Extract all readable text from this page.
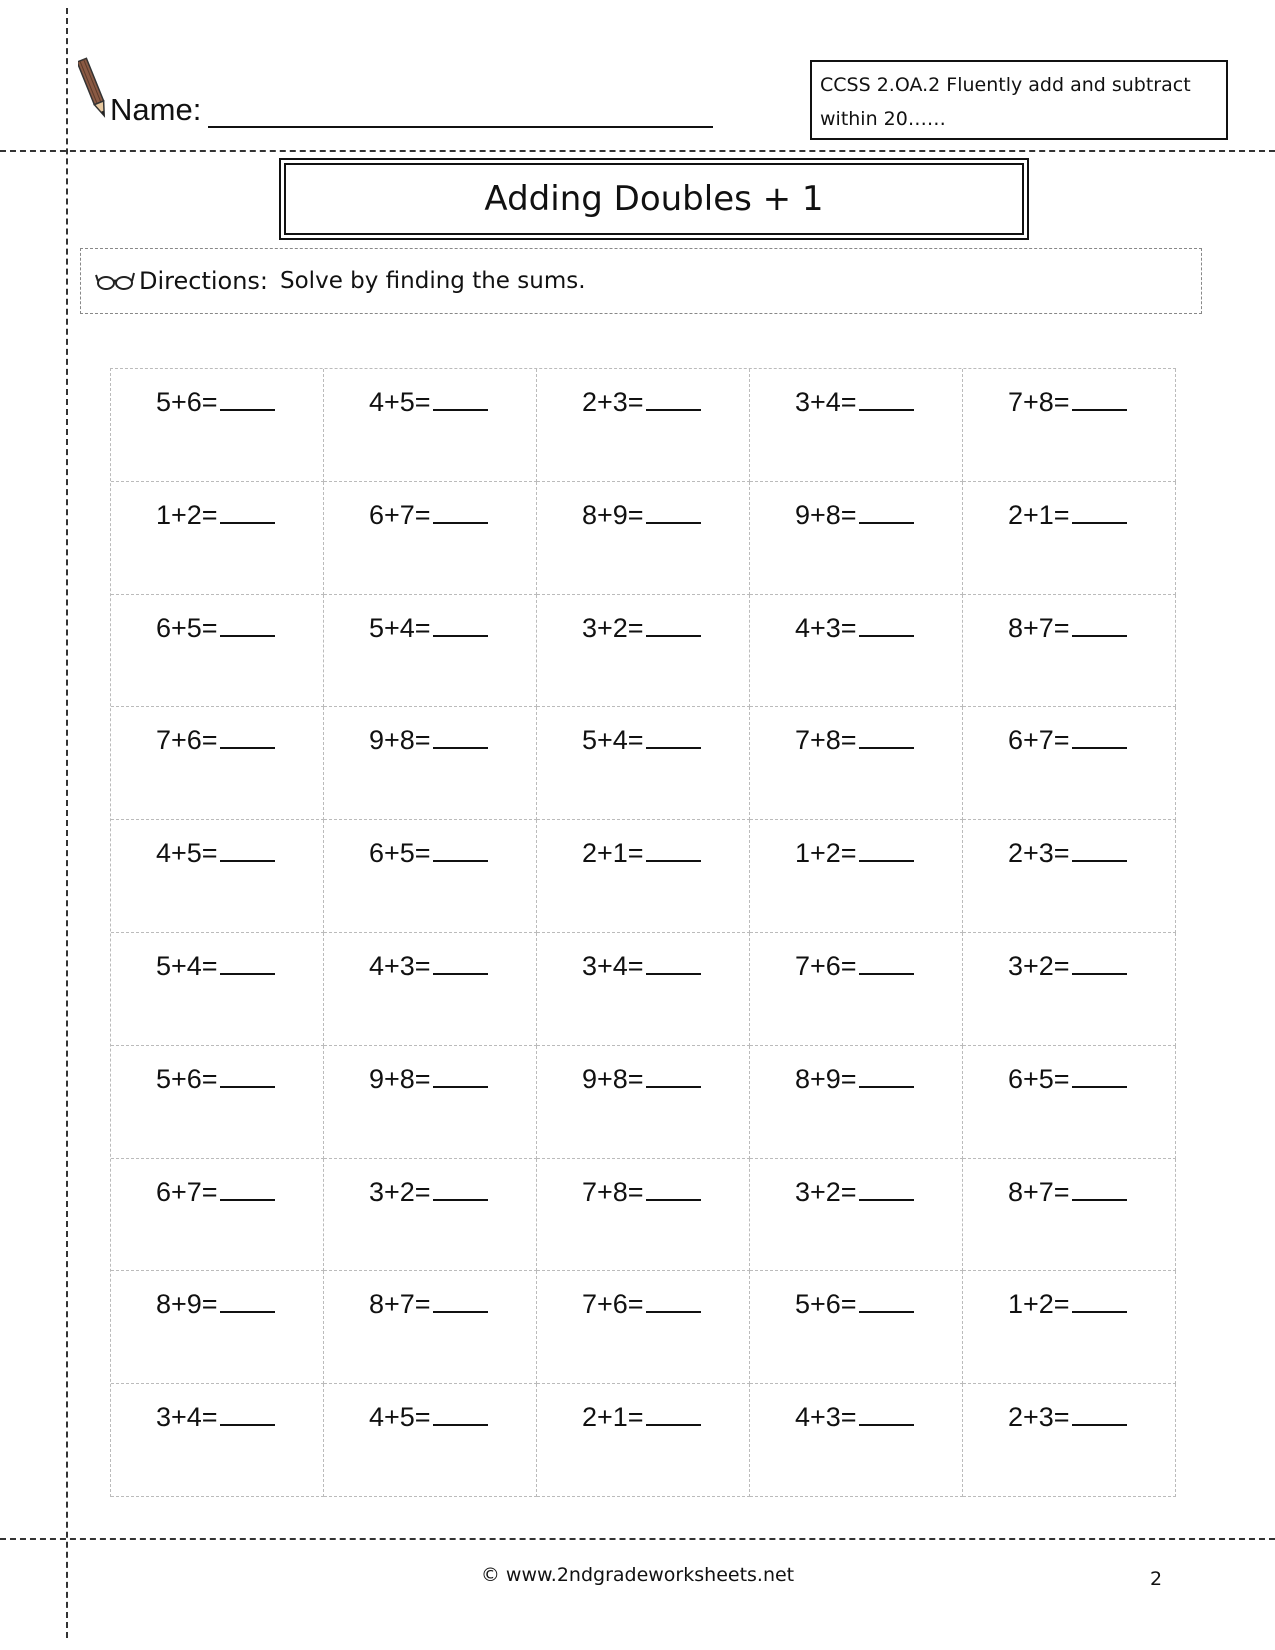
Name:
CCSS 2.OA.2 Fluently add and subtract
within 20……
Adding Doubles + 1
Directions: Solve by finding the sums.
5+6=	4+5=	2+3=	3+4=	7+8=
1+2=	6+7=	8+9=	9+8=	2+1=
6+5=	5+4=	3+2=	4+3=	8+7=
7+6=	9+8=	5+4=	7+8=	6+7=
4+5=	6+5=	2+1=	1+2=	2+3=
5+4=	4+3=	3+4=	7+6=	3+2=
5+6=	9+8=	9+8=	8+9=	6+5=
6+7=	3+2=	7+8=	3+2=	8+7=
8+9=	8+7=	7+6=	5+6=	1+2=
3+4=	4+5=	2+1=	4+3=	2+3=
© www.2ndgradeworksheets.net	2
